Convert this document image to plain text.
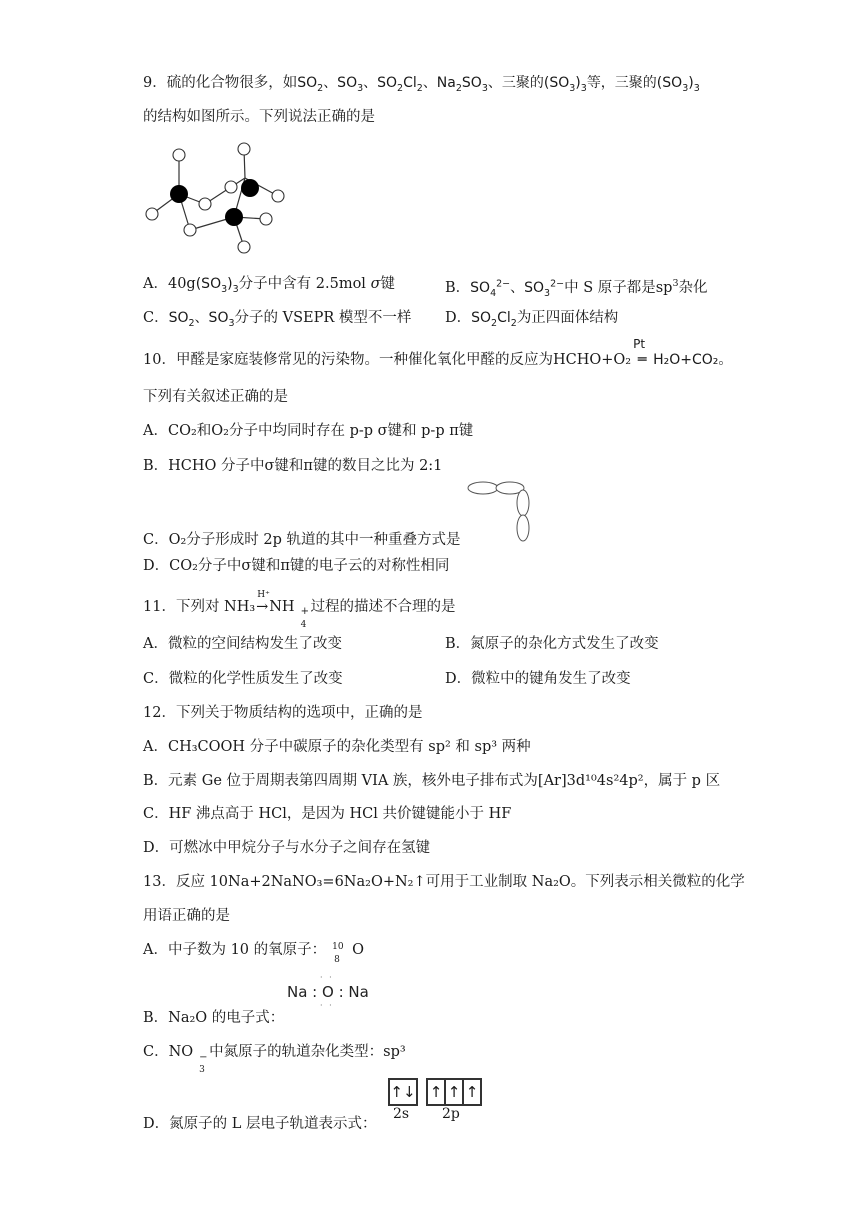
9．硫的化合物很多，如$SO_2$、$SO_3$、$SO_2Cl_2$、$Na_2SO_3$、三聚的$(SO_3)_3$等，三聚的$(SO_3)_3$
的结构如图所示。下列说法正确的是
A．$40g(SO_3)_3$分子中含有 2.5mol σ键	B．$SO_4^{2-}$、$SO_3^{2-}$中 S 原子都是$sp^3$杂化
C．$SO_2$、$SO_3$分子的 VSEPR 模型不一样 D．$SO_2Cl_2$为正四面体结构
10．甲醛是家庭装修常见的污染物。一种催化氧化甲醛的反应为HCHO+O₂
Pt
═ H₂O+CO₂。
下列有关叙述正确的是
A．CO₂和O₂分子中均同时存在 p-p σ键和 p-p π键
B．HCHO 分子中σ键和π键的数目之比为 2:1
C．O₂分子形成时 2p 轨道的其中一种重叠方式是
D．CO₂分子中σ键和π键的电子云的对称性相同
11．下列对 NH₃
H⁺
→NH +
4
过程的描述不合理的是
A．微粒的空间结构发生了改变	B．氮原子的杂化方式发生了改变
C．微粒的化学性质发生了改变	D．微粒中的键角发生了改变
12．下列关于物质结构的选项中，正确的是
A．CH₃COOH 分子中碳原子的杂化类型有 sp² 和 sp³ 两种
B．元素 Ge 位于周期表第四周期 VIA 族，核外电子排布式为[Ar]3d¹⁰4s²4p²，属于 p 区
C．HF 沸点高于 HCl，是因为 HCl 共价键键能小于 HF
D．可燃冰中甲烷分子与水分子之间存在氢键
13．反应 10Na+2NaNO₃=6Na₂O+N₂↑可用于工业制取 Na₂O。下列表示相关微粒的化学
用语正确的是
A．中子数为 10 的氧原子： 10
8
O
· ·
Na : O : Na
· ·
B．Na₂O 的电子式：
C．NO −
3
中氮原子的轨道杂化类型：sp³
↑↓ ↑ ↑ ↑
2s 2p
D．氮原子的 L 层电子轨道表示式：
